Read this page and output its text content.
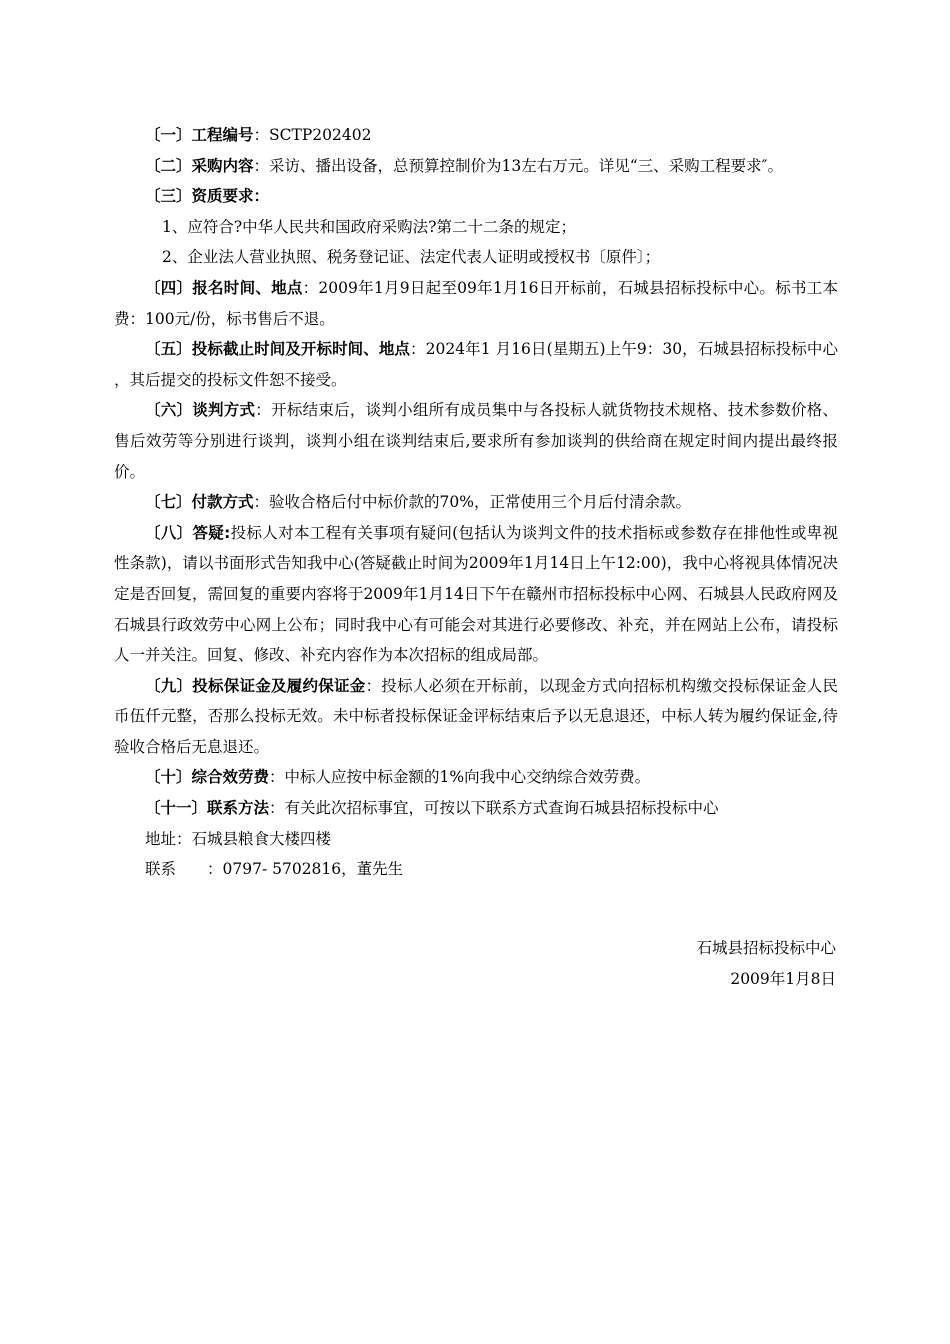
〔一〕工程编号：SCTP202402

〔二〕采购内容：采访、播出设备，总预算控制价为13左右万元。详见“三、采购工程要求″。

〔三〕资质要求：

1、应符合?中华人民共和国政府采购法?第二十二条的规定；

2、企业法人营业执照、税务登记证、法定代表人证明或授权书〔原件〕；

〔四〕报名时间、地点：2009年1月9日起至09年1月16日开标前，石城县招标投标中心。标书工本费：100元/份，标书售后不退。

〔五〕投标截止时间及开标时间、地点：2024年1 月16日(星期五)上午9：30，石城县招标投标中心 ，其后提交的投标文件恕不接受。

〔六〕谈判方式：开标结束后，谈判小组所有成员集中与各投标人就货物技术规格、技术参数价格、售后效劳等分别进行谈判，谈判小组在谈判结束后,要求所有参加谈判的供给商在规定时间内提出最终报价。

〔七〕付款方式：验收合格后付中标价款的70%，正常使用三个月后付清余款。

〔八〕答疑:投标人对本工程有关事项有疑问(包括认为谈判文件的技术指标或参数存在排他性或卑视性条款)，请以书面形式告知我中心(答疑截止时间为2009年1月14日上午12:00)，我中心将视具体情况决定是否回复，需回复的重要内容将于2009年1月14日下午在赣州市招标投标中心网、石城县人民政府网及石城县行政效劳中心网上公布；同时我中心有可能会对其进行必要修改、补充，并在网站上公布，请投标人一并关注。回复、修改、补充内容作为本次招标的组成局部。

〔九〕投标保证金及履约保证金：投标人必须在开标前，以现金方式向招标机构缴交投标保证金人民币伍仟元整，否那么投标无效。未中标者投标保证金评标结束后予以无息退还，中标人转为履约保证金,待验收合格后无息退还。

〔十〕综合效劳费：中标人应按中标金额的1%向我中心交纳综合效劳费。

〔十一〕联系方法：有关此次招标事宜，可按以下联系方式查询石城县招标投标中心

地址：石城县粮食大楼四楼

联系　　：0797- 5702816，董先生

石城县招标投标中心
2009年1月8日
